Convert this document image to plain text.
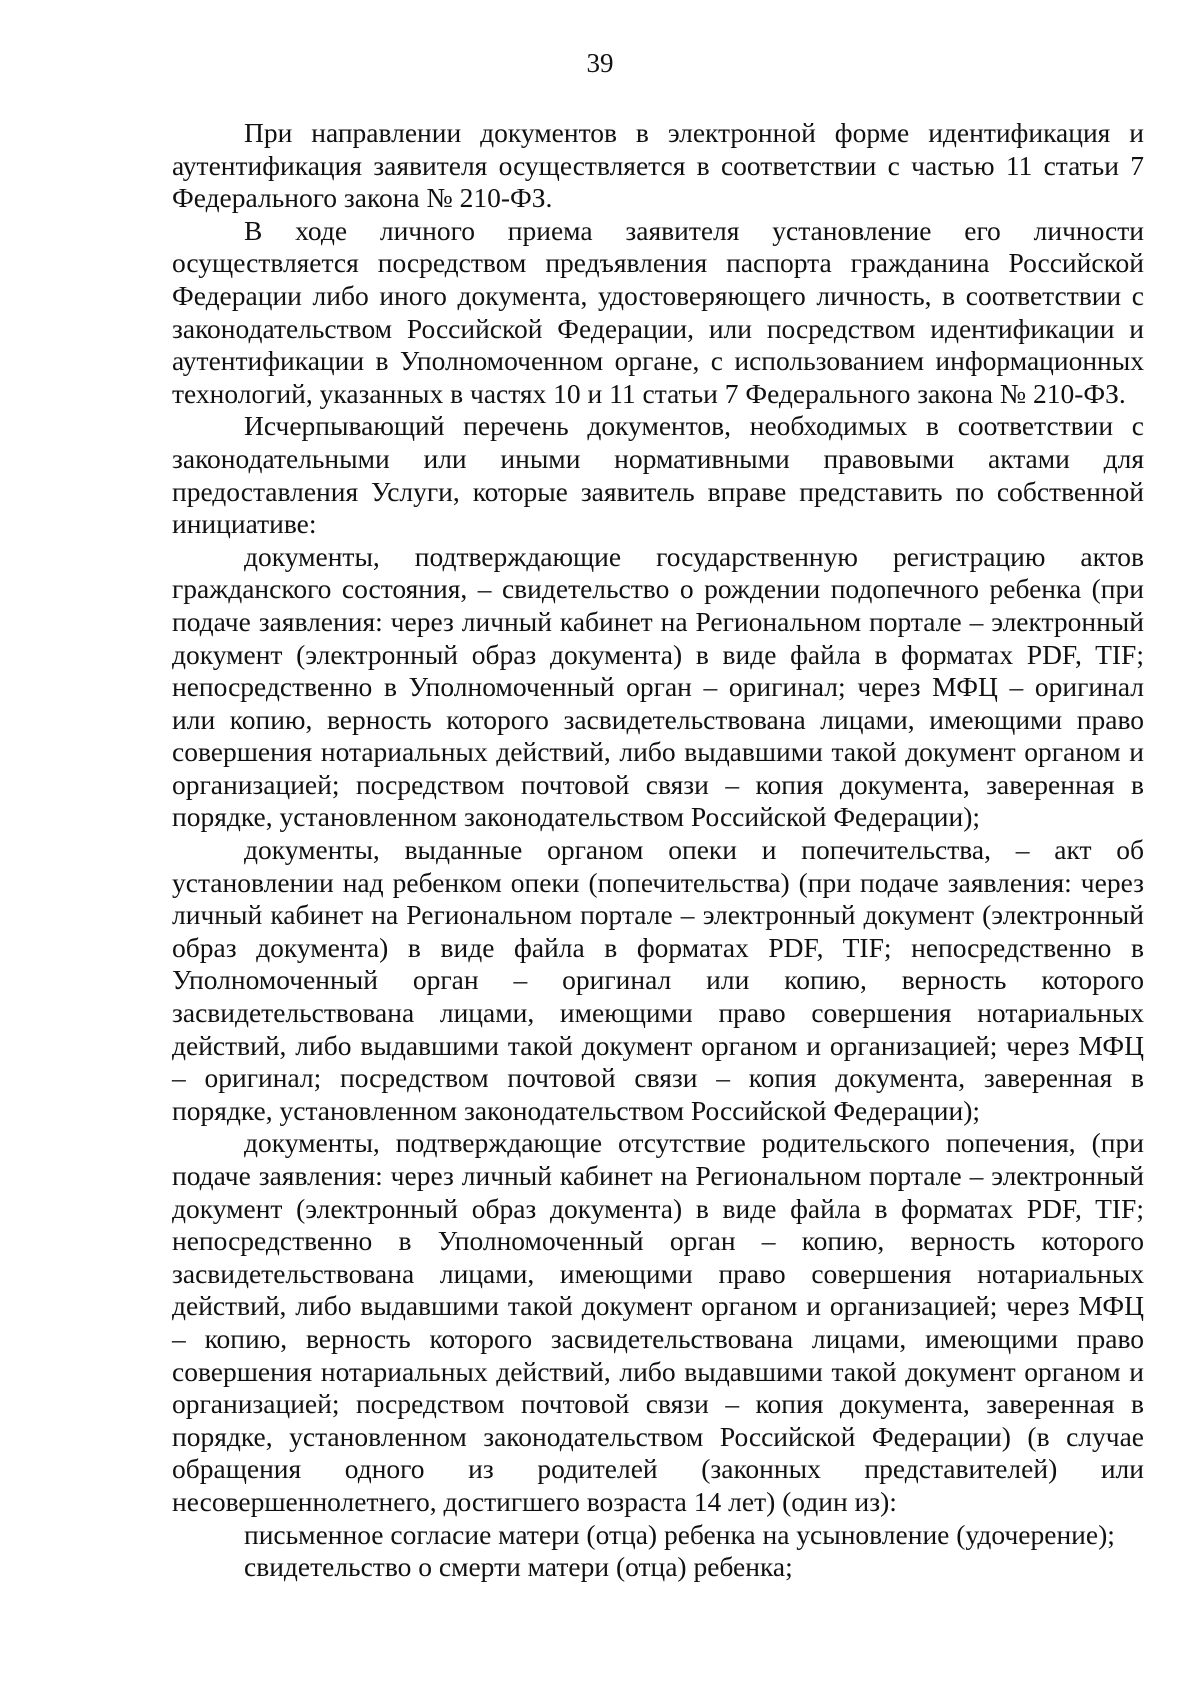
39

При направлении документов в электронной форме идентификация и аутентификация заявителя осуществляется в соответствии с частью 11 статьи 7 Федерального закона № 210-ФЗ.

В ходе личного приема заявителя установление его личности осуществляется посредством предъявления паспорта гражданина Российской Федерации либо иного документа, удостоверяющего личность, в соответствии с законодательством Российской Федерации, или посредством идентификации и аутентификации в Уполномоченном органе, с использованием информационных технологий, указанных в частях 10 и 11 статьи 7 Федерального закона № 210-ФЗ.

Исчерпывающий перечень документов, необходимых в соответствии с законодательными или иными нормативными правовыми актами для предоставления Услуги, которые заявитель вправе представить по собственной инициативе:

документы, подтверждающие государственную регистрацию актов гражданского состояния, – свидетельство о рождении подопечного ребенка (при подаче заявления: через личный кабинет на Региональном портале – электронный документ (электронный образ документа) в виде файла в форматах PDF, TIF; непосредственно в Уполномоченный орган – оригинал; через МФЦ – оригинал или копию, верность которого засвидетельствована лицами, имеющими право совершения нотариальных действий, либо выдавшими такой документ органом и организацией; посредством почтовой связи – копия документа, заверенная в порядке, установленном законодательством Российской Федерации);

документы, выданные органом опеки и попечительства, – акт об установлении над ребенком опеки (попечительства) (при подаче заявления: через личный кабинет на Региональном портале – электронный документ (электронный образ документа) в виде файла в форматах PDF, TIF; непосредственно в Уполномоченный орган – оригинал или копию, верность которого засвидетельствована лицами, имеющими право совершения нотариальных действий, либо выдавшими такой документ органом и организацией; через МФЦ – оригинал; посредством почтовой связи – копия документа, заверенная в порядке, установленном законодательством Российской Федерации);

документы, подтверждающие отсутствие родительского попечения, (при подаче заявления: через личный кабинет на Региональном портале – электронный документ (электронный образ документа) в виде файла в форматах PDF, TIF; непосредственно в Уполномоченный орган – копию, верность которого засвидетельствована лицами, имеющими право совершения нотариальных действий, либо выдавшими такой документ органом и организацией; через МФЦ – копию, верность которого засвидетельствована лицами, имеющими право совершения нотариальных действий, либо выдавшими такой документ органом и организацией; посредством почтовой связи – копия документа, заверенная в порядке, установленном законодательством Российской Федерации) (в случае обращения одного из родителей (законных представителей) или несовершеннолетнего, достигшего возраста 14 лет) (один из):

письменное согласие матери (отца) ребенка на усыновление (удочерение);

свидетельство о смерти матери (отца) ребенка;
